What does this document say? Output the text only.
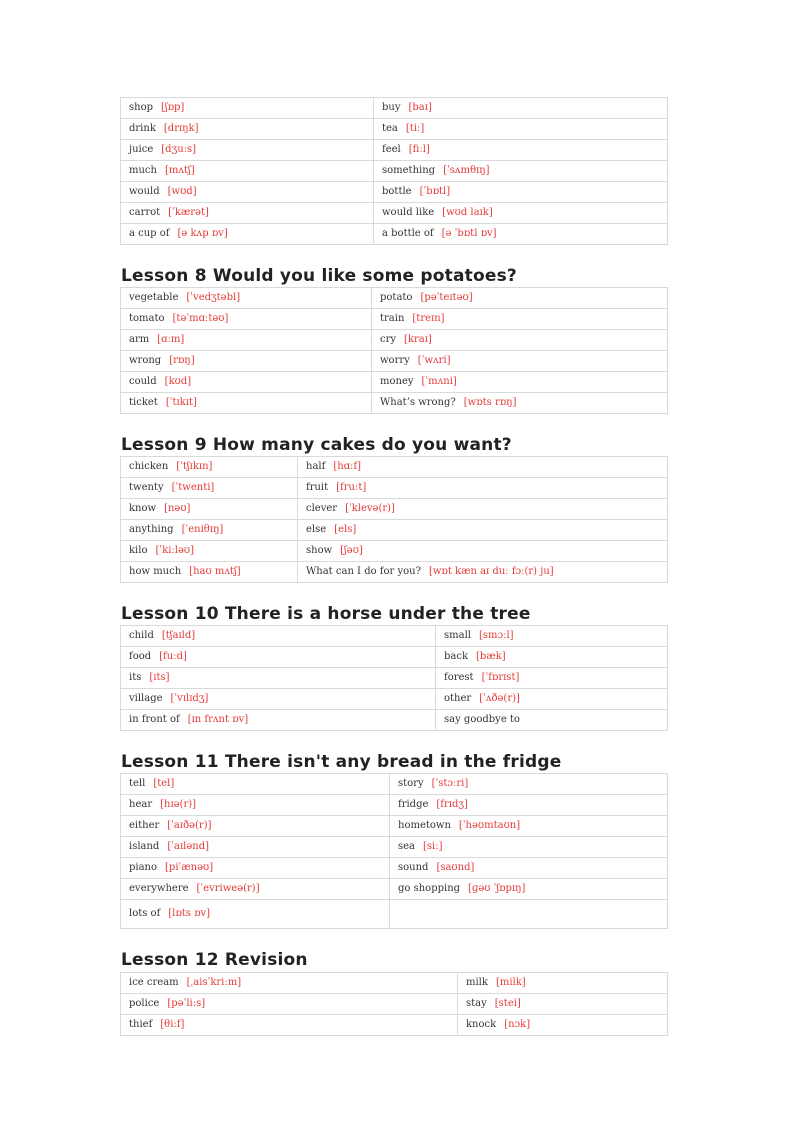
shop [ʃɒp]	buy [baɪ]
drink [drɪŋk]	tea [tiː]
juice [dʒuːs]	feel [fiːl]
much [mʌtʃ]	something [ˈsʌmθɪŋ]
would [wʊd]	bottle [ˈbɒtl]
carrot [ˈkærət]	would like [wʊd laɪk]
a cup of [ə kʌp ɒv]	a bottle of [ə ˈbɒtl ɒv]
Lesson 8 Would you like some potatoes?
vegetable [ˈvedʒtəbl]	potato [pəˈteɪtəʊ]
tomato [təˈmɑːtəʊ]	train [treɪn]
arm [ɑːm]	cry [kraɪ]
wrong [rɒŋ]	worry [ˈwʌri]
could [kʊd]	money [ˈmʌni]
ticket [ˈtɪkɪt]	What’s wrong? [wɒts rɒŋ]
Lesson 9 How many cakes do you want?
chicken [ˈtʃɪkɪn]	half [hɑːf]
twenty [ˈtwenti]	fruit [fruːt]
know [nəʊ]	clever [ˈklevə(r)]
anything [ˈeniθɪŋ]	else [els]
kilo [ˈkiːləʊ]	show [ʃəʊ]
how much [haʊ mʌtʃ]	What can I do for you? [wɒt kæn aɪ duː fɔː(r) ju]
Lesson 10 There is a horse under the tree
child [tʃaɪld]	small [smɔːl]
food [fuːd]	back [bæk]
its [ɪts]	forest [ˈfɒrɪst]
village [ˈvɪlɪdʒ]	other [ˈʌðə(r)]
in front of [ɪn frʌnt ɒv]	say goodbye to
Lesson 11 There isn't any bread in the fridge
tell [tel]	story [ˈstɔːri]
hear [hɪə(r)]	fridge [frɪdʒ]
either [ˈaɪðə(r)]	hometown [ˈhəʊmtaʊn]
island [ˈaɪlənd]	sea [siː]
piano [piˈænəʊ]	sound [saʊnd]
everywhere [ˈevriweə(r)]	go shopping [ɡəʊ ˈʃɒpɪŋ]
lots of [lɒts ɒv]	
Lesson 12 Revision
ice cream [ˌaisˈkri:m]	milk [milk]
police [pəˈli:s]	stay [stei]
thief [θi:f]	knock [nɔk]
